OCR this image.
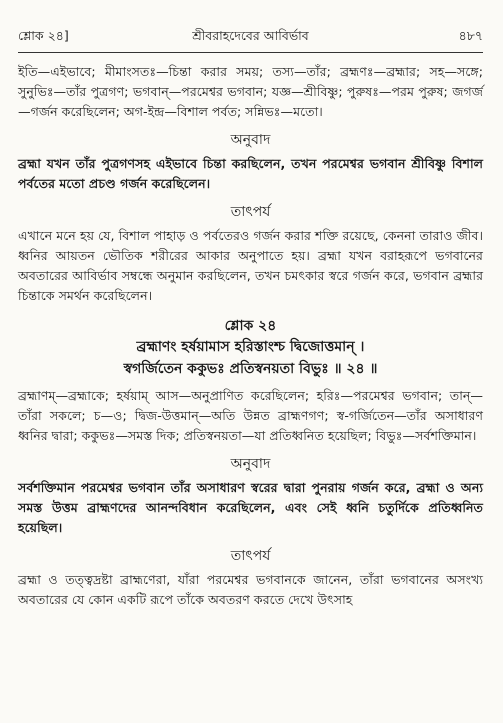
শ্লোক ২৪]	শ্রীবরাহদেবের আবির্ভাব	৪৮৭

ইতি—এইভাবে; মীমাংসতঃ—চিন্তা করার সময়; তস্য—তাঁর; ব্রহ্মণঃ—ব্রহ্মার; সহ—সঙ্গে; সুনুভিঃ—তাঁর পুত্রগণ; ভগবান্—পরমেশ্বর ভগবান; যজ্ঞ—শ্রীবিষ্ণু; পুরুষঃ—পরম পুরুষ; জগর্জ—গর্জন করেছিলেন; অগ-ইন্দ্র—বিশাল পর্বত; সন্নিভঃ—মতো।

অনুবাদ

ব্রহ্মা যখন তাঁর পুত্রগণসহ এইভাবে চিন্তা করছিলেন, তখন পরমেশ্বর ভগবান শ্রীবিষ্ণু বিশাল পর্বতের মতো প্রচণ্ড গর্জন করেছিলেন।

তাৎপর্য

এখানে মনে হয় যে, বিশাল পাহাড় ও পর্বতেরও গর্জন করার শক্তি রয়েছে, কেননা তারাও জীব। ধ্বনির আয়তন ভৌতিক শরীরের আকার অনুপাতে হয়। ব্রহ্মা যখন বরাহরূপে ভগবানের অবতারের আবির্ভাব সম্বন্ধে অনুমান করছিলেন, তখন চমৎকার স্বরে গর্জন করে, ভগবান ব্রহ্মার চিন্তাকে সমর্থন করেছিলেন।

শ্লোক ২৪
ব্রহ্মাণং হর্ষয়ামাস হরিস্তাংশ্চ দ্বিজোত্তমান্ ।
স্বগর্জিতেন ককুভঃ প্রতিস্বনয়তা বিভুঃ ॥ ২৪ ॥

ব্রহ্মাণম্—ব্রহ্মাকে; হর্ষয়াম্ আস—অনুপ্রাণিত করেছিলেন; হরিঃ—পরমেশ্বর ভগবান; তান্—তাঁরা সকলে; চ—ও; দ্বিজ-উত্তমান্—অতি উন্নত ব্রাহ্মণগণ; স্ব-গর্জিতেন—তাঁর অসাধারণ ধ্বনির দ্বারা; ককুভঃ—সমস্ত দিক; প্রতিস্বনয়তা—যা প্রতিধ্বনিত হয়েছিল; বিভুঃ—সর্বশক্তিমান।

অনুবাদ

সর্বশক্তিমান পরমেশ্বর ভগবান তাঁর অসাধারণ স্বরের দ্বারা পুনরায় গর্জন করে, ব্রহ্মা ও অন্য সমস্ত উত্তম ব্রাহ্মণদের আনন্দবিধান করেছিলেন, এবং সেই ধ্বনি চতুর্দিকে প্রতিধ্বনিত হয়েছিল।

তাৎপর্য

ব্রহ্মা ও তত্ত্বদ্রষ্টা ব্রাহ্মণেরা, যাঁরা পরমেশ্বর ভগবানকে জানেন, তাঁরা ভগবানের অসংখ্য অবতারের যে কোন একটি রূপে তাঁকে অবতরণ করতে দেখে উৎসাহ
